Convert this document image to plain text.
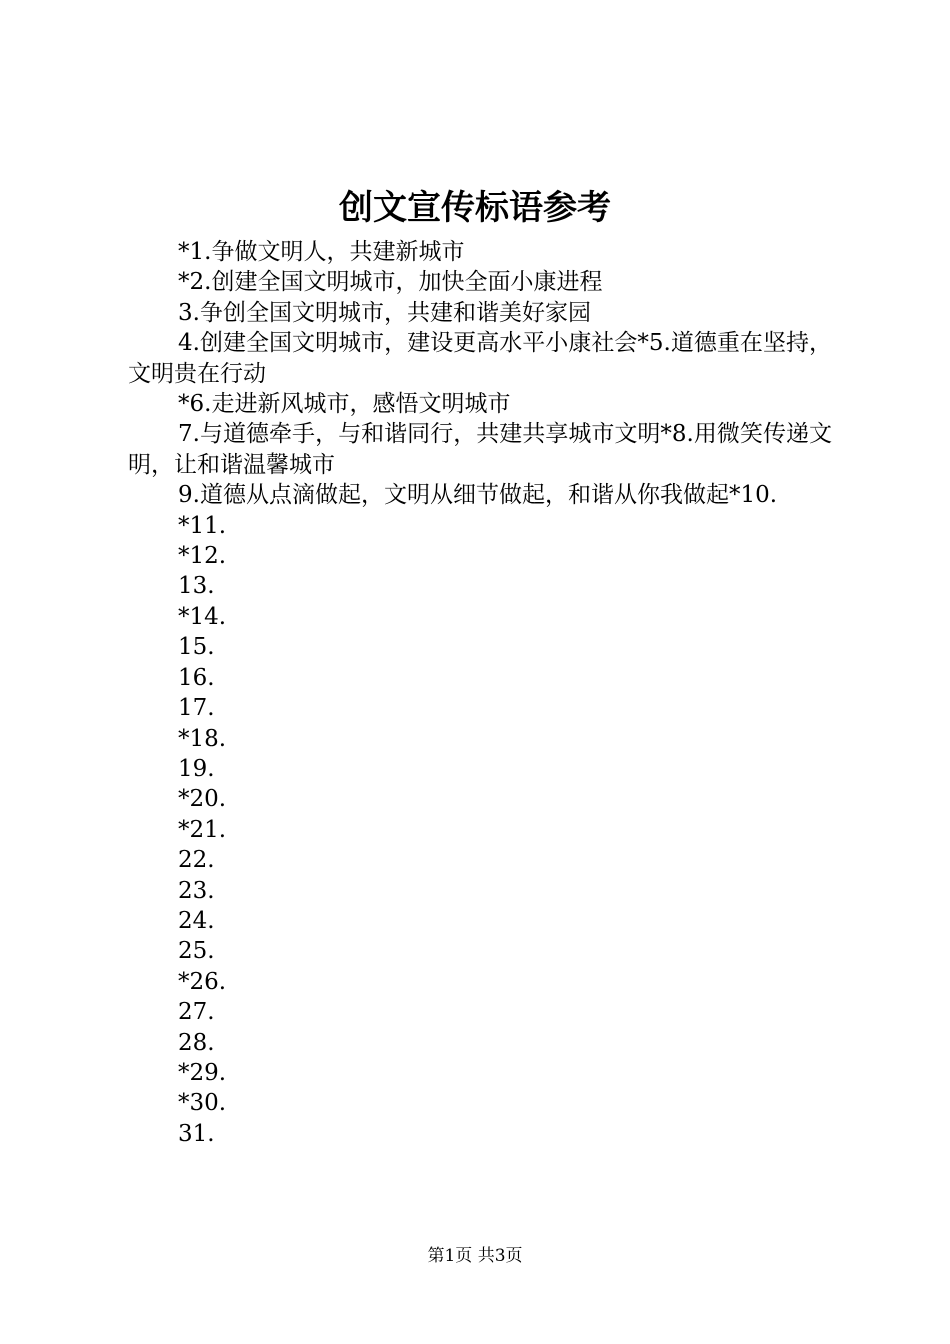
创文宣传标语参考

*1.争做文明人，共建新城市

*2.创建全国文明城市，加快全面小康进程

3.争创全国文明城市，共建和谐美好家园

4.创建全国文明城市，建设更高水平小康社会*5.道德重在坚持，文明贵在行动

*6.走进新风城市，感悟文明城市

7.与道德牵手，与和谐同行，共建共享城市文明*8.用微笑传递文明，让和谐温馨城市

9.道德从点滴做起，文明从细节做起，和谐从你我做起*10.

*11.

*12.

13.

*14.

15.

16.

17.

*18.

19.

*20.

*21.

22.

23.

24.

25.

*26.

27.

28.

*29.

*30.

31.

第1页 共3页
